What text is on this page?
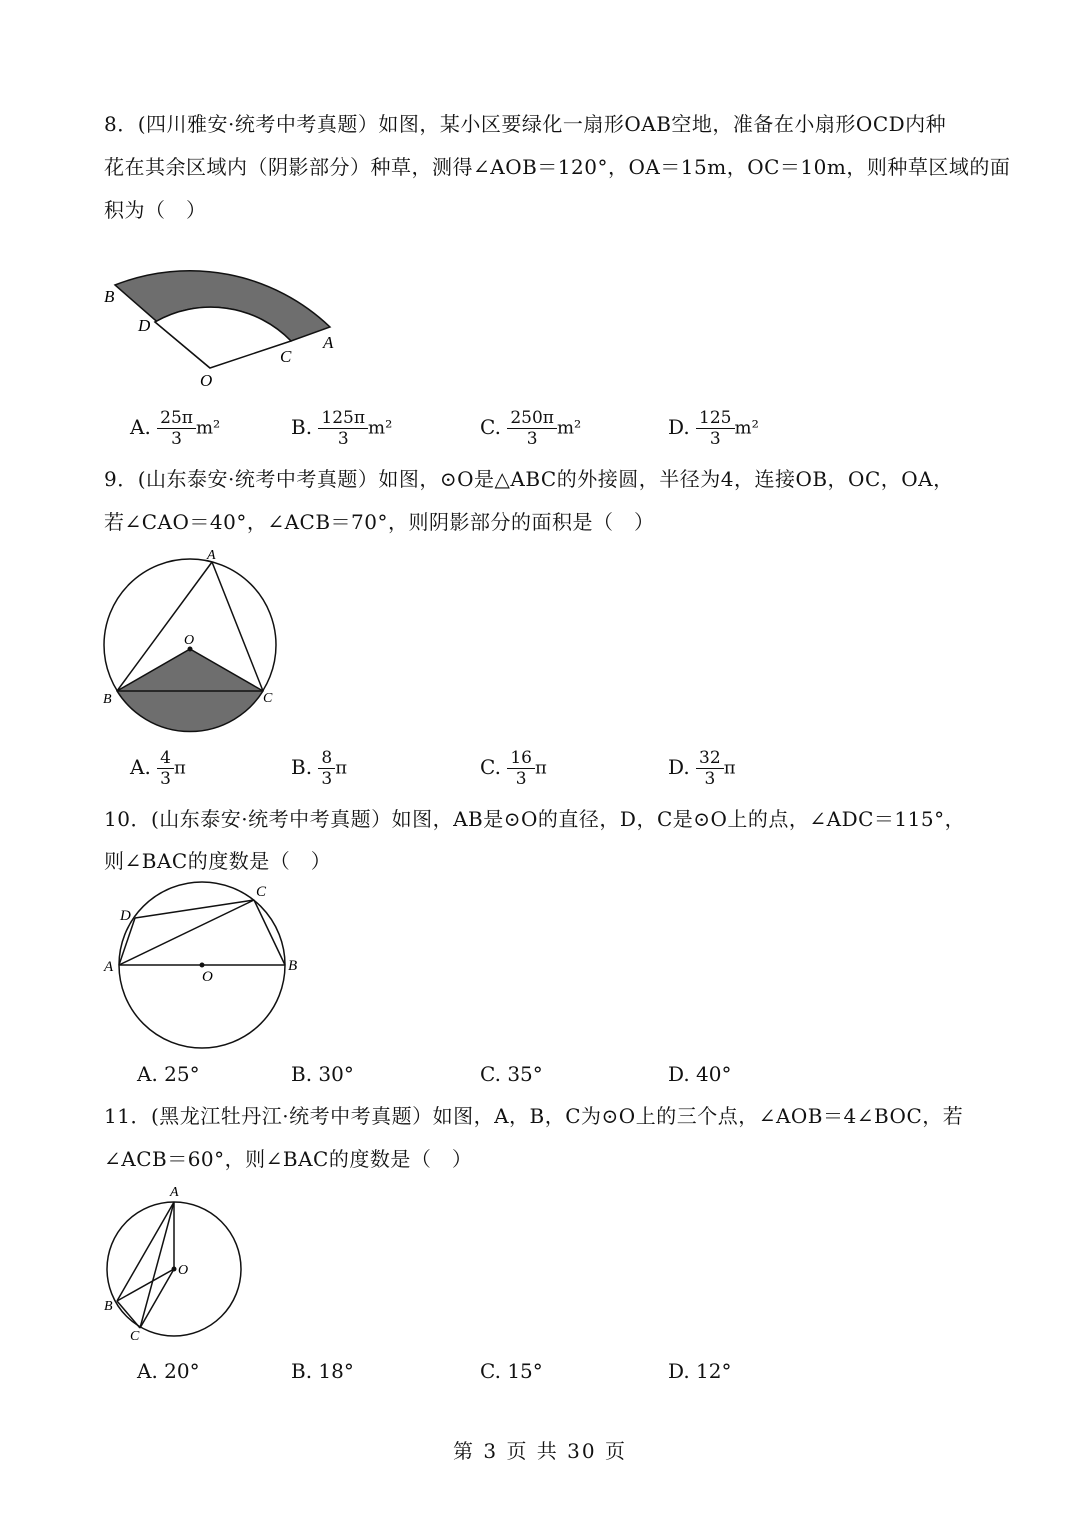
8．(四川雅安·统考中考真题）如图，某小区要绿化一扇形OAB空地，准备在小扇形OCD内种
花在其余区域内（阴影部分）种草，测得∠AOB＝120°，OA＝15m，OC＝10m，则种草区域的面
积为（　）
B
D
O
C
A
A. $\frac{25\pi}{3} m^2$	B. $\frac{125\pi}{3} m^2$	C. $\frac{250\pi}{3} m^2$	D. $\frac{125}{3} m^2$
9．(山东泰安·统考中考真题）如图，⊙O是△ABC的外接圆，半径为4，连接OB，OC，OA，
若∠CAO＝40°，∠ACB＝70°，则阴影部分的面积是（　）
A
O
B	C
A. $\frac{4}{3}$ π	B. $\frac{8}{3}$ π	C. $\frac{16}{3}$ π	D. $\frac{32}{3}$ π
10．(山东泰安·统考中考真题）如图，AB是⊙O的直径，D，C是⊙O上的点，∠ADC＝115°，
则∠BAC的度数是（　）
C
D
A
O
B
A. 25°	B. 30°	C. 35°	D. 40°
11．(黑龙江牡丹江·统考中考真题）如图，A，B，C为⊙O上的三个点，∠AOB＝4∠BOC，若
∠ACB＝60°，则∠BAC的度数是（　）
A
O
B
C
A. 20°	B. 18°	C. 15°	D. 12°
第 3 页 共 30 页
